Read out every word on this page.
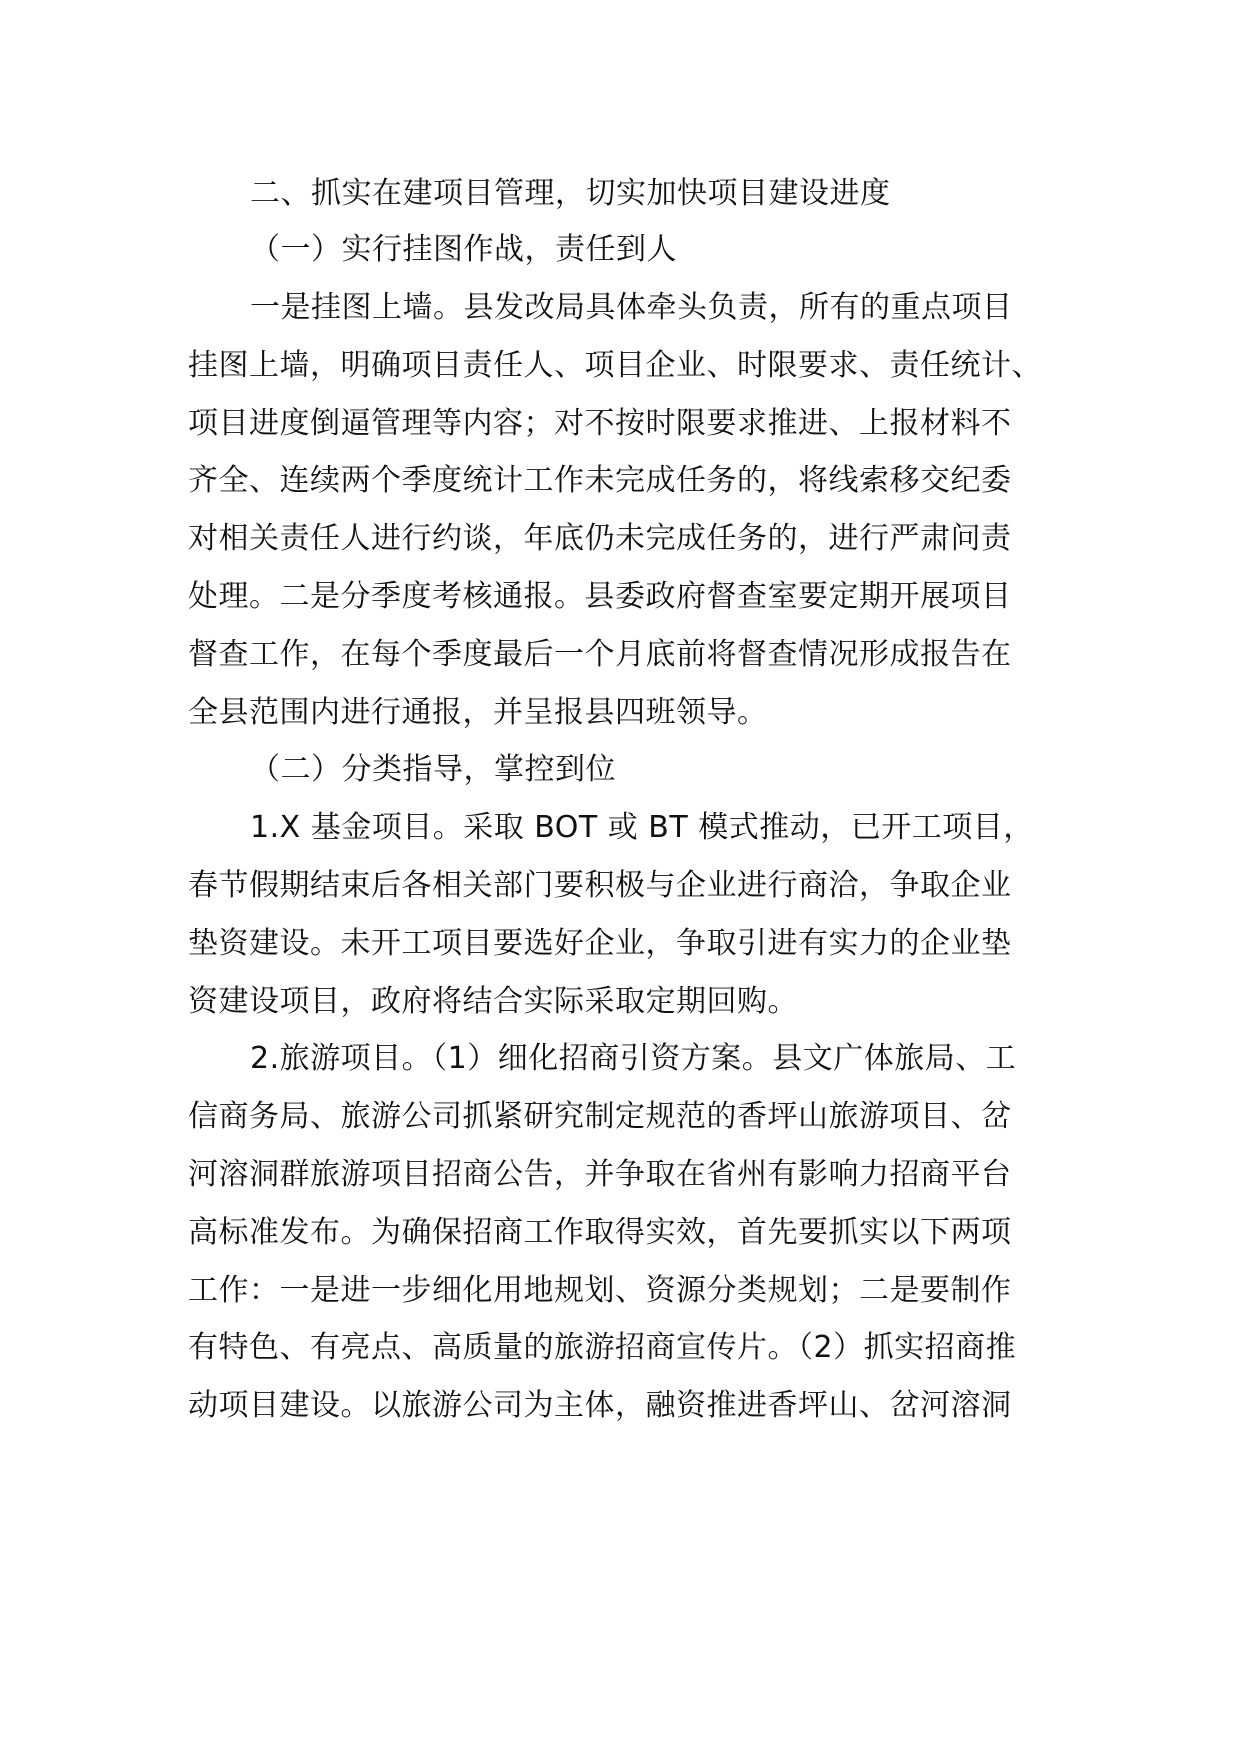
二、抓实在建项目管理，切实加快项目建设进度
（一）实行挂图作战，责任到人
一是挂图上墙。县发改局具体牵头负责，所有的重点项目
挂图上墙，明确项目责任人、项目企业、时限要求、责任统计、
项目进度倒逼管理等内容；对不按时限要求推进、上报材料不
齐全、连续两个季度统计工作未完成任务的，将线索移交纪委
对相关责任人进行约谈，年底仍未完成任务的，进行严肃问责
处理。二是分季度考核通报。县委政府督查室要定期开展项目
督查工作，在每个季度最后一个月底前将督查情况形成报告在
全县范围内进行通报，并呈报县四班领导。
（二）分类指导，掌控到位
1.X 基金项目。采取 BOT 或 BT 模式推动，已开工项目，
春节假期结束后各相关部门要积极与企业进行商洽，争取企业
垫资建设。未开工项目要选好企业，争取引进有实力的企业垫
资建设项目，政府将结合实际采取定期回购。
2.旅游项目。（1）细化招商引资方案。县文广体旅局、工
信商务局、旅游公司抓紧研究制定规范的香坪山旅游项目、岔
河溶洞群旅游项目招商公告，并争取在省州有影响力招商平台
高标准发布。为确保招商工作取得实效，首先要抓实以下两项
工作：一是进一步细化用地规划、资源分类规划；二是要制作
有特色、有亮点、高质量的旅游招商宣传片。（2）抓实招商推
动项目建设。以旅游公司为主体，融资推进香坪山、岔河溶洞
